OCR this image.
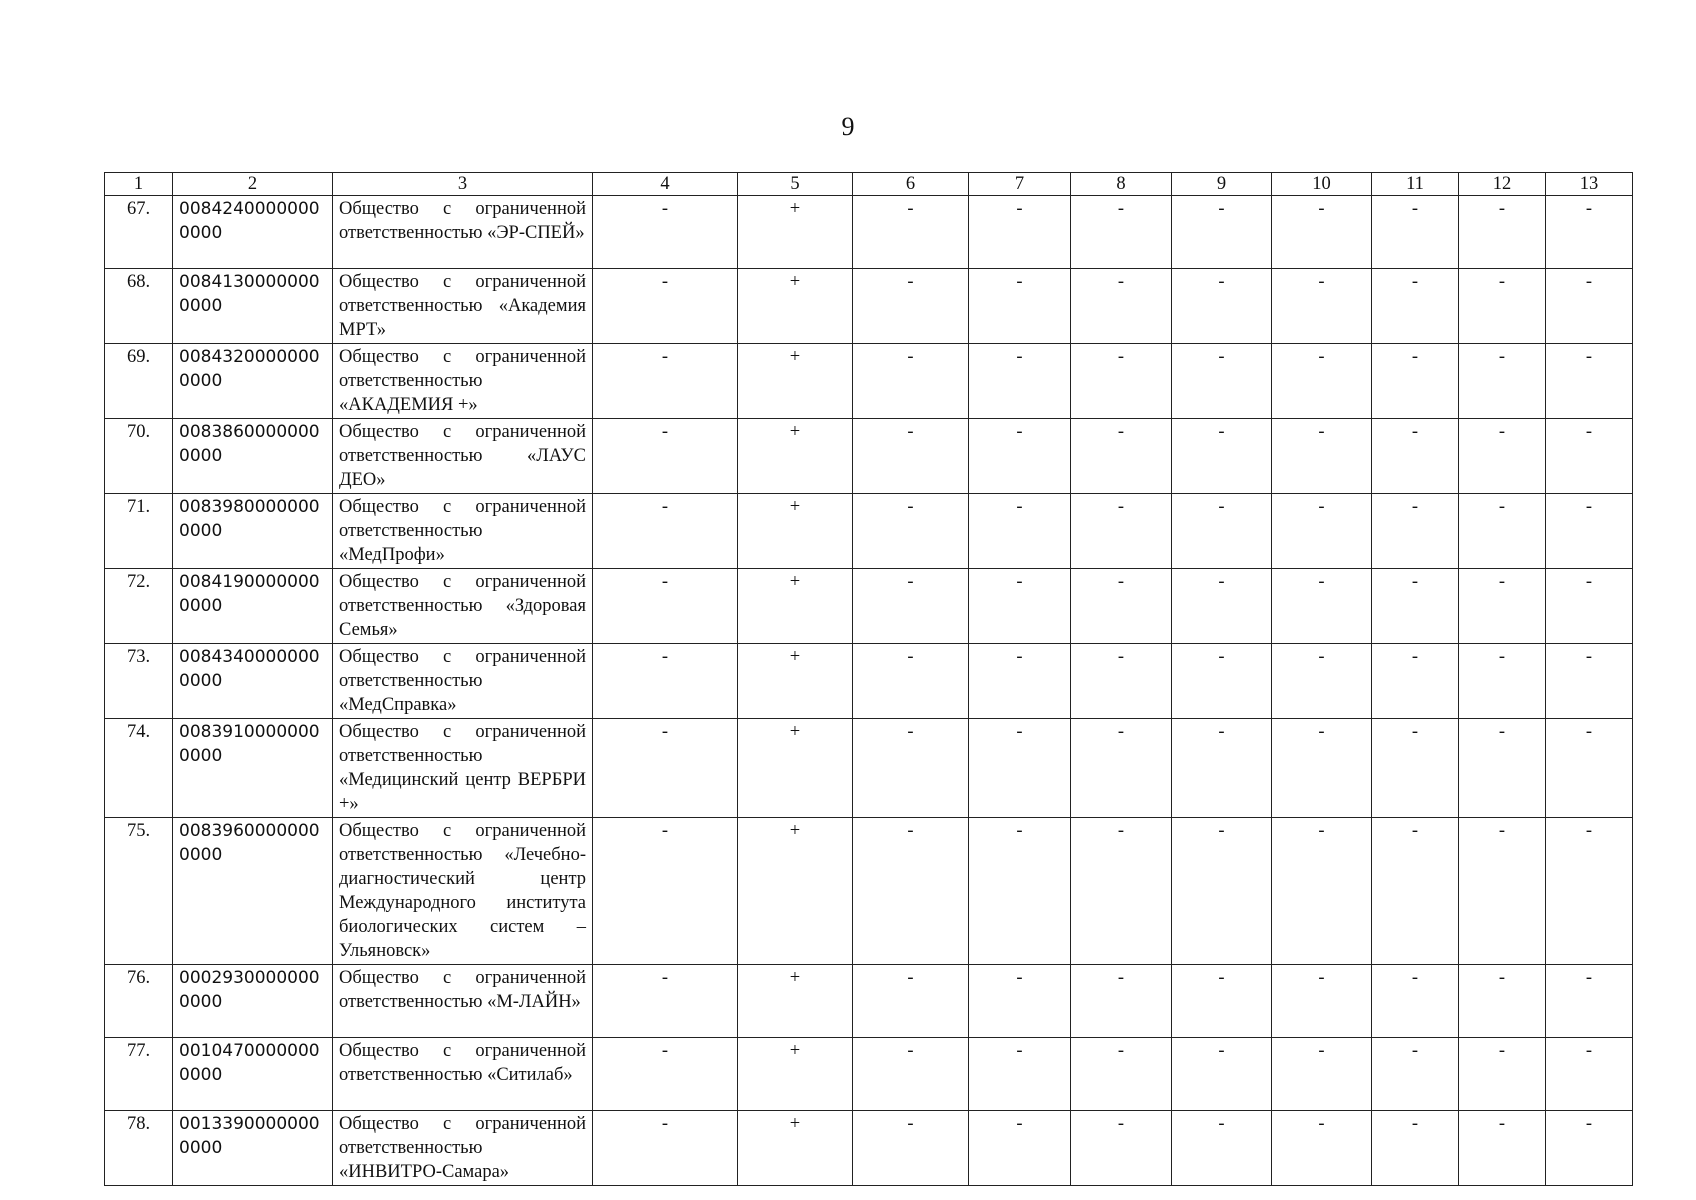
9
1	2	3	4	5	6	7	8	9	10	11	12	13
67.	00842400000000000	Общество с ограниченной ответственностью «ЭР-СПЕЙ»	-	+	-	-	-	-	-	-	-	-
68.	00841300000000000	Общество с ограниченной ответственностью «Академия МРТ»	-	+	-	-	-	-	-	-	-	-
69.	00843200000000000	Общество с ограниченной ответственностью «АКАДЕМИЯ +»	-	+	-	-	-	-	-	-	-	-
70.	00838600000000000	Общество с ограниченной ответственностью «ЛАУС ДЕО»	-	+	-	-	-	-	-	-	-	-
71.	00839800000000000	Общество с ограниченной ответственностью «МедПрофи»	-	+	-	-	-	-	-	-	-	-
72.	00841900000000000	Общество с ограниченной ответственностью «Здоровая Семья»	-	+	-	-	-	-	-	-	-	-
73.	00843400000000000	Общество с ограниченной ответственностью «МедСправка»	-	+	-	-	-	-	-	-	-	-
74.	00839100000000000	Общество с ограниченной ответственностью «Медицинский центр ВЕРБРИ +»	-	+	-	-	-	-	-	-	-	-
75.	00839600000000000	Общество с ограниченной ответственностью «Лечебно-диагностический центр Международного института биологических систем – Ульяновск»	-	+	-	-	-	-	-	-	-	-
76.	00029300000000000	Общество с ограниченной ответственностью «М-ЛАЙН»	-	+	-	-	-	-	-	-	-	-
77.	00104700000000000	Общество с ограниченной ответственностью «Ситилаб»	-	+	-	-	-	-	-	-	-	-
78.	00133900000000000	Общество с ограниченной ответственностью «ИНВИТРО-Самара»	-	+	-	-	-	-	-	-	-	-
